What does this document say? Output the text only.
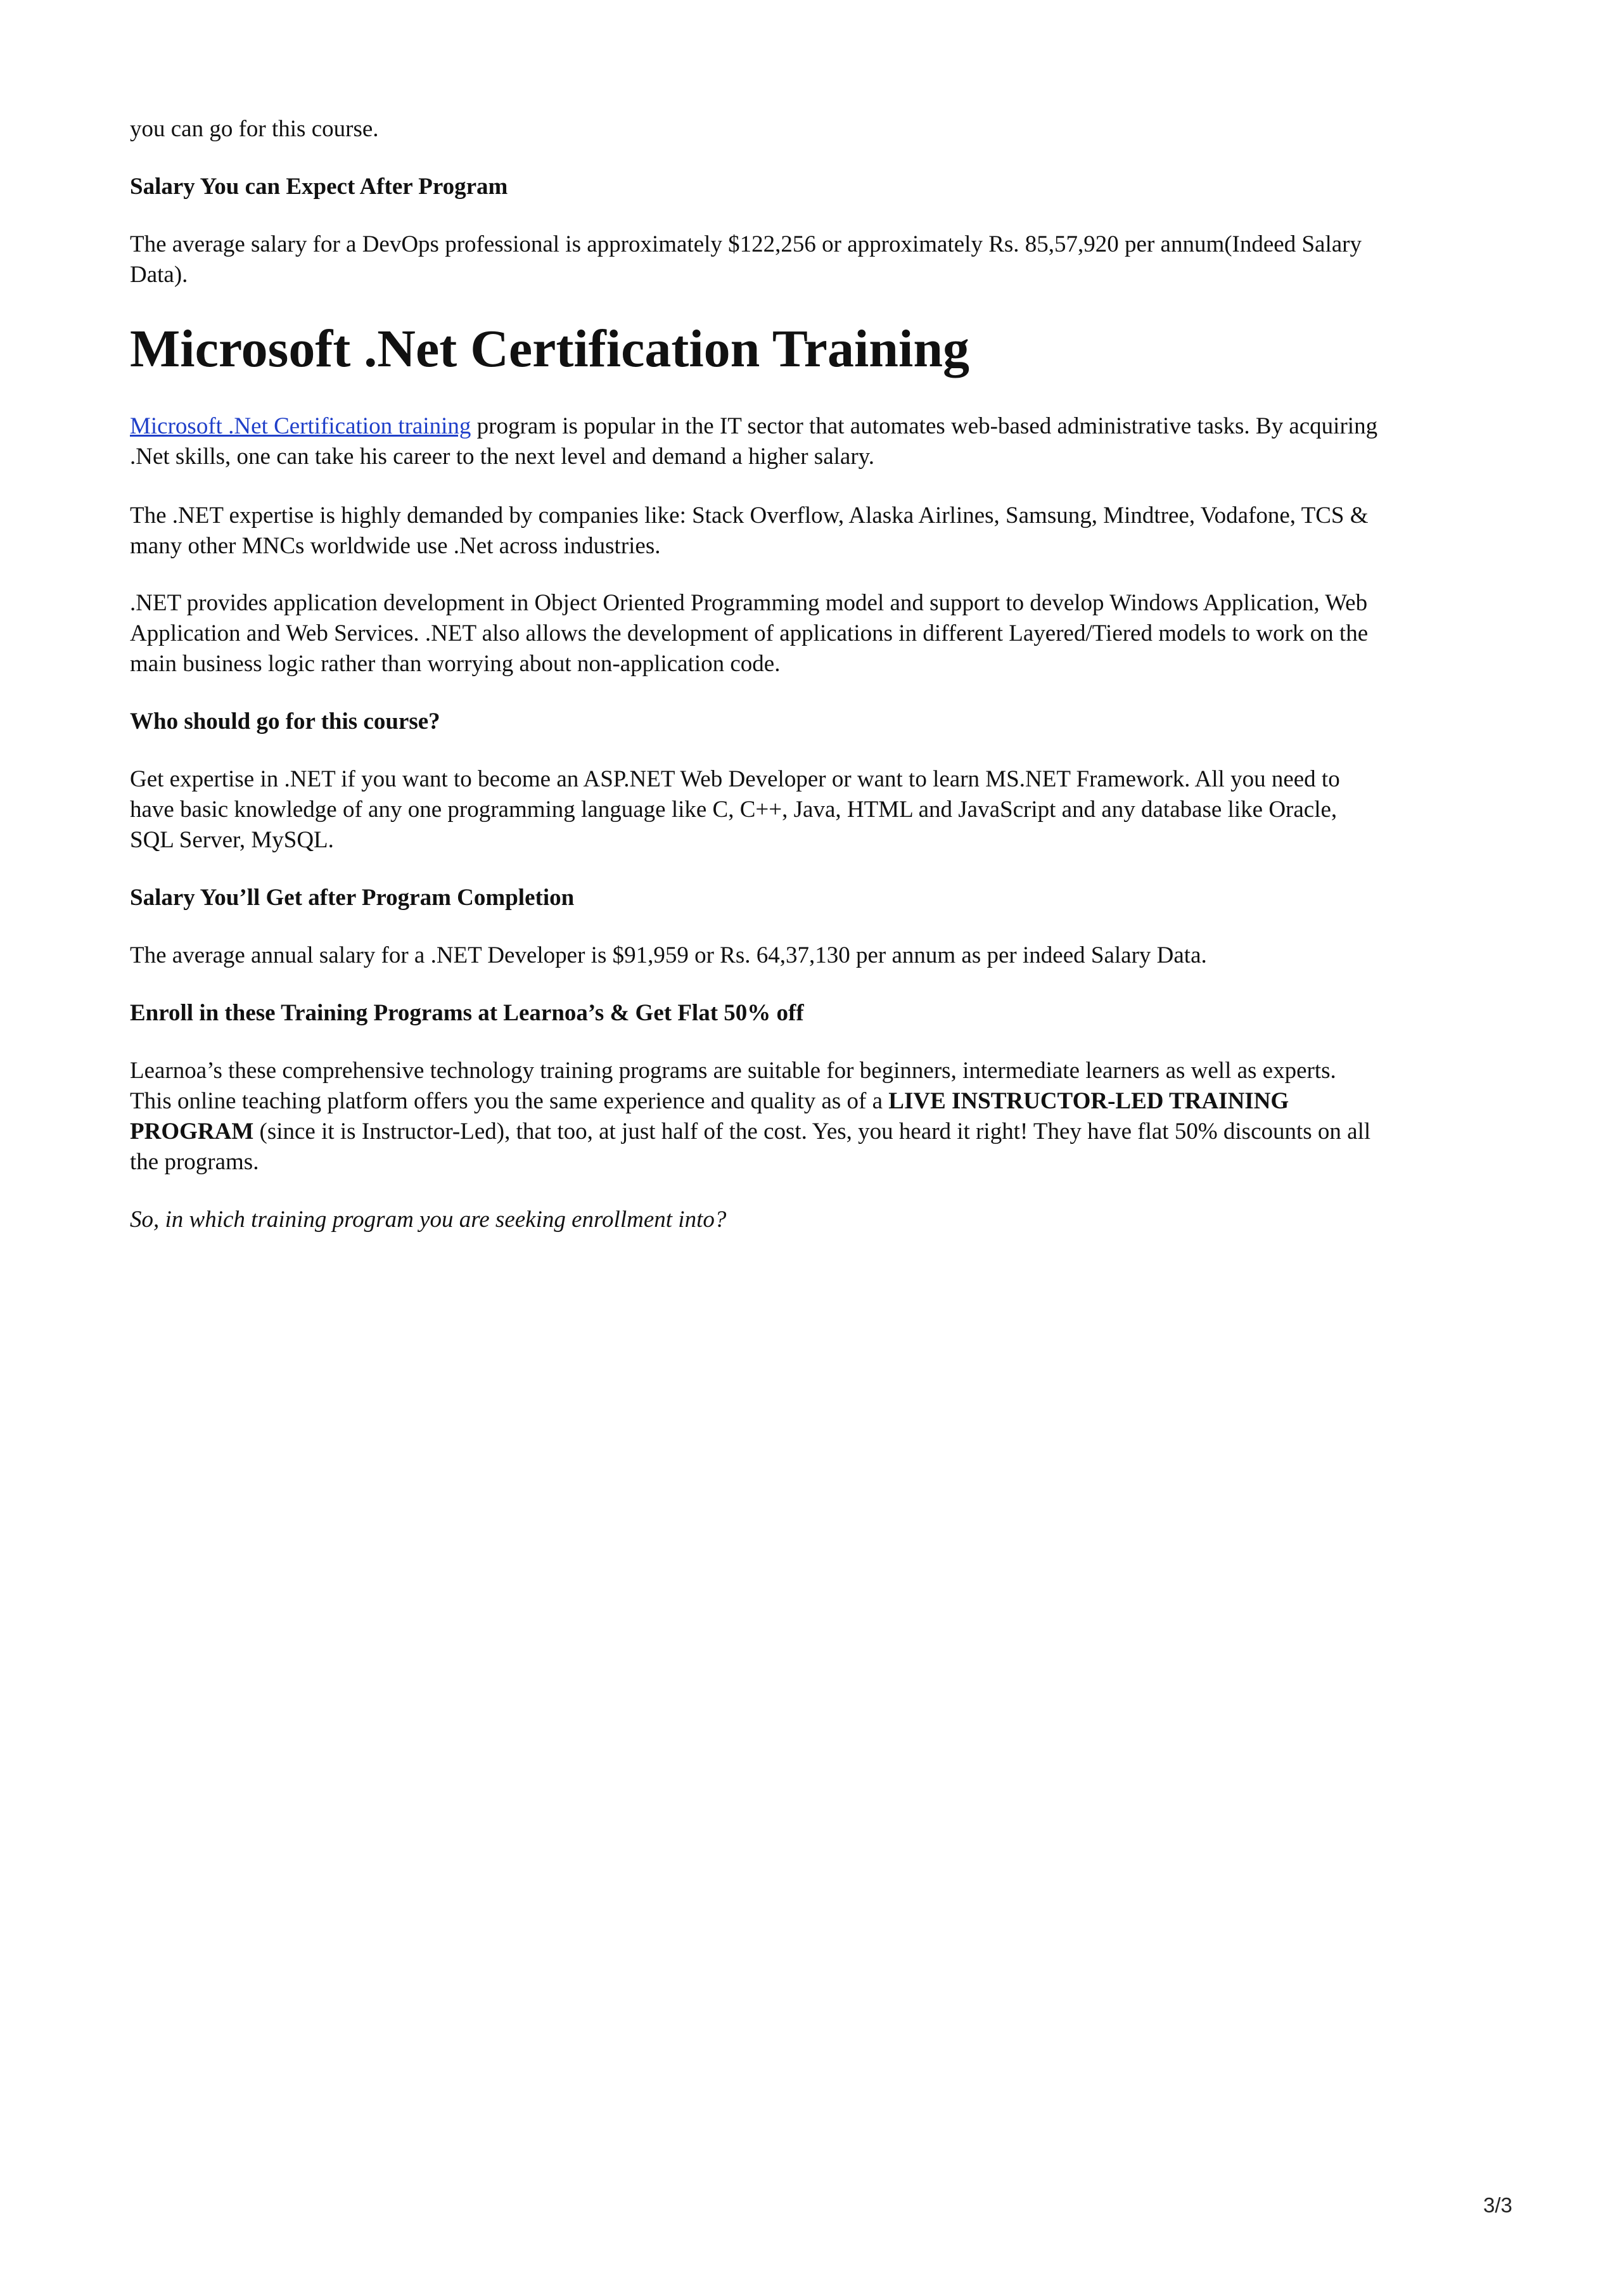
you can go for this course.

Salary You can Expect After Program

The average salary for a DevOps professional is approximately $122,256 or approximately Rs. 85,57,920 per annum(Indeed Salary
Data).

Microsoft .Net Certification Training

Microsoft .Net Certification training program is popular in the IT sector that automates web-based administrative tasks. By acquiring
.Net skills, one can take his career to the next level and demand a higher salary.

The .NET expertise is highly demanded by companies like: Stack Overflow, Alaska Airlines, Samsung, Mindtree, Vodafone, TCS &
many other MNCs worldwide use .Net across industries.

.NET provides application development in Object Oriented Programming model and support to develop Windows Application, Web
Application and Web Services. .NET also allows the development of applications in different Layered/Tiered models to work on the
main business logic rather than worrying about non-application code.

Who should go for this course?

Get expertise in .NET if you want to become an ASP.NET Web Developer or want to learn MS.NET Framework. All you need to
have basic knowledge of any one programming language like C, C++, Java, HTML and JavaScript and any database like Oracle,
SQL Server, MySQL.

Salary You’ll Get after Program Completion

The average annual salary for a .NET Developer is $91,959 or Rs. 64,37,130 per annum as per indeed Salary Data.

Enroll in these Training Programs at Learnoa’s & Get Flat 50% off

Learnoa’s these comprehensive technology training programs are suitable for beginners, intermediate learners as well as experts.
This online teaching platform offers you the same experience and quality as of a LIVE INSTRUCTOR-LED TRAINING
PROGRAM (since it is Instructor-Led), that too, at just half of the cost. Yes, you heard it right! They have flat 50% discounts on all
the programs.

So, in which training program you are seeking enrollment into?

3/3
